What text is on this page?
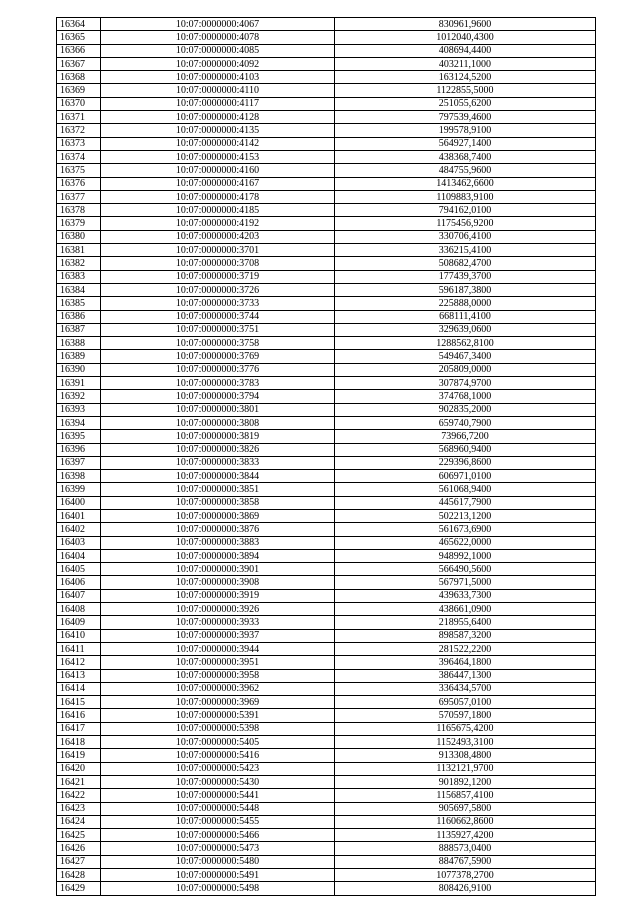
16364	10:07:0000000:4067	830961,9600
16365	10:07:0000000:4078	1012040,4300
16366	10:07:0000000:4085	408694,4400
16367	10:07:0000000:4092	403211,1000
16368	10:07:0000000:4103	163124,5200
16369	10:07:0000000:4110	1122855,5000
16370	10:07:0000000:4117	251055,6200
16371	10:07:0000000:4128	797539,4600
16372	10:07:0000000:4135	199578,9100
16373	10:07:0000000:4142	564927,1400
16374	10:07:0000000:4153	438368,7400
16375	10:07:0000000:4160	484755,9600
16376	10:07:0000000:4167	1413462,6600
16377	10:07:0000000:4178	1109883,9100
16378	10:07:0000000:4185	794162,0100
16379	10:07:0000000:4192	1175456,9200
16380	10:07:0000000:4203	330706,4100
16381	10:07:0000000:3701	336215,4100
16382	10:07:0000000:3708	508682,4700
16383	10:07:0000000:3719	177439,3700
16384	10:07:0000000:3726	596187,3800
16385	10:07:0000000:3733	225888,0000
16386	10:07:0000000:3744	668111,4100
16387	10:07:0000000:3751	329639,0600
16388	10:07:0000000:3758	1288562,8100
16389	10:07:0000000:3769	549467,3400
16390	10:07:0000000:3776	205809,0000
16391	10:07:0000000:3783	307874,9700
16392	10:07:0000000:3794	374768,1000
16393	10:07:0000000:3801	902835,2000
16394	10:07:0000000:3808	659740,7900
16395	10:07:0000000:3819	73966,7200
16396	10:07:0000000:3826	568960,9400
16397	10:07:0000000:3833	229396,8600
16398	10:07:0000000:3844	606971,0100
16399	10:07:0000000:3851	561068,9400
16400	10:07:0000000:3858	445617,7900
16401	10:07:0000000:3869	502213,1200
16402	10:07:0000000:3876	561673,6900
16403	10:07:0000000:3883	465622,0000
16404	10:07:0000000:3894	948992,1000
16405	10:07:0000000:3901	566490,5600
16406	10:07:0000000:3908	567971,5000
16407	10:07:0000000:3919	439633,7300
16408	10:07:0000000:3926	438661,0900
16409	10:07:0000000:3933	218955,6400
16410	10:07:0000000:3937	898587,3200
16411	10:07:0000000:3944	281522,2200
16412	10:07:0000000:3951	396464,1800
16413	10:07:0000000:3958	386447,1300
16414	10:07:0000000:3962	336434,5700
16415	10:07:0000000:3969	695057,0100
16416	10:07:0000000:5391	570597,1800
16417	10:07:0000000:5398	1165675,4200
16418	10:07:0000000:5405	1152493,3100
16419	10:07:0000000:5416	913308,4800
16420	10:07:0000000:5423	1132121,9700
16421	10:07:0000000:5430	901892,1200
16422	10:07:0000000:5441	1156857,4100
16423	10:07:0000000:5448	905697,5800
16424	10:07:0000000:5455	1160662,8600
16425	10:07:0000000:5466	1135927,4200
16426	10:07:0000000:5473	888573,0400
16427	10:07:0000000:5480	884767,5900
16428	10:07:0000000:5491	1077378,2700
16429	10:07:0000000:5498	808426,9100
